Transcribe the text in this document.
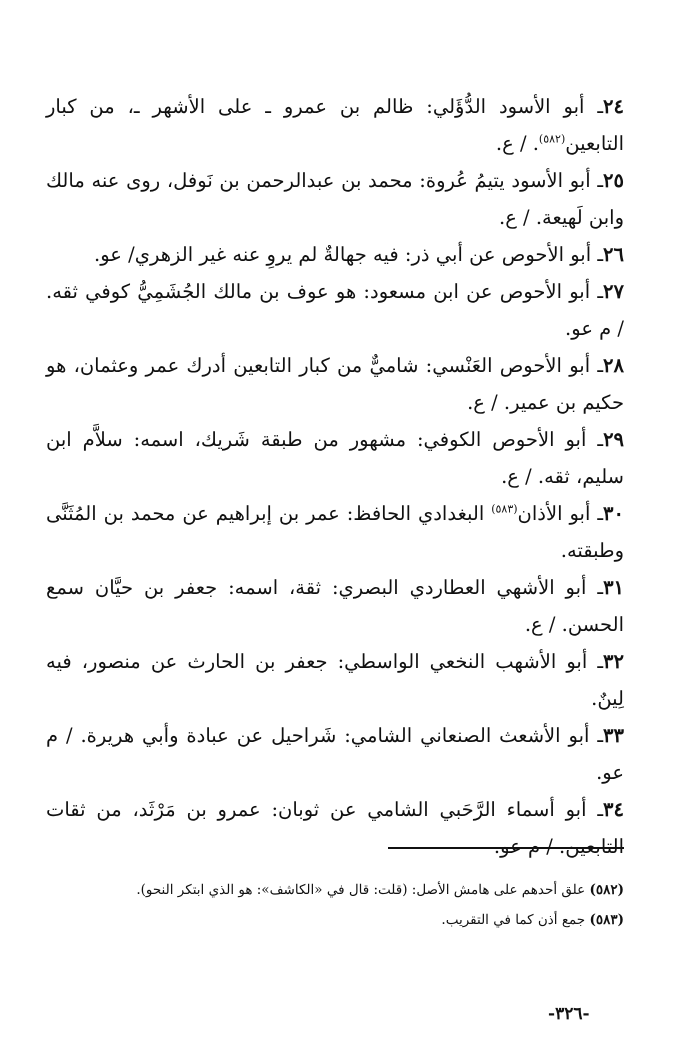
٢٤ـ أبو الأسود الدُّؤَلي: ظالم بن عمرو ـ على الأشهر ـ، من كبار التابعين$^{(٥٨٢)}$. / ع.

٢٥ـ أبو الأسود يتيمُ عُروة: محمد بن عبدالرحمن بن نَوفل، روى عنه مالك وابن لَهيعة. / ع.

٢٦ـ أبو الأحوص عن أبي ذر: فيه جهالةٌ لم يروِ عنه غير الزهري/ عو.

٢٧ـ أبو الأحوص عن ابن مسعود: هو عوف بن مالك الجُشَمِيُّ كوفي ثقه. / م عو.

٢٨ـ أبو الأحوص العَنْسي: شاميٌّ من كبار التابعين أدرك عمر وعثمان، هو حكيم بن عمير. / ع.

٢٩ـ أبو الأحوص الكوفي: مشهور من طبقة شَريك، اسمه: سلاَّم ابن سليم، ثقه. / ع.

٣٠ـ أبو الأذان$^{(٥٨٣)}$ البغدادي الحافظ: عمر بن إبراهيم عن محمد بن المُثَنَّى وطبقته.

٣١ـ أبو الأشهي العطاردي البصري: ثقة، اسمه: جعفر بن حيَّان سمع الحسن. / ع.

٣٢ـ أبو الأشهب النخعي الواسطي: جعفر بن الحارث عن منصور، فيه لِينٌ.

٣٣ـ أبو الأشعث الصنعاني الشامي: شَراحيل عن عبادة وأبي هريرة. / م عو.

٣٤ـ أبو أسماء الرَّحَبي الشامي عن ثوبان: عمرو بن مَرْثَد، من ثقات التابعين. / م عو.

(٥٨٢) علق أحدهم على هامش الأصل: (قلت: قال في «الكاشف»: هو الذي ابتكر النحو).

(٥٨٣) جمع أذن كما في التقريب.

-٣٢٦-
